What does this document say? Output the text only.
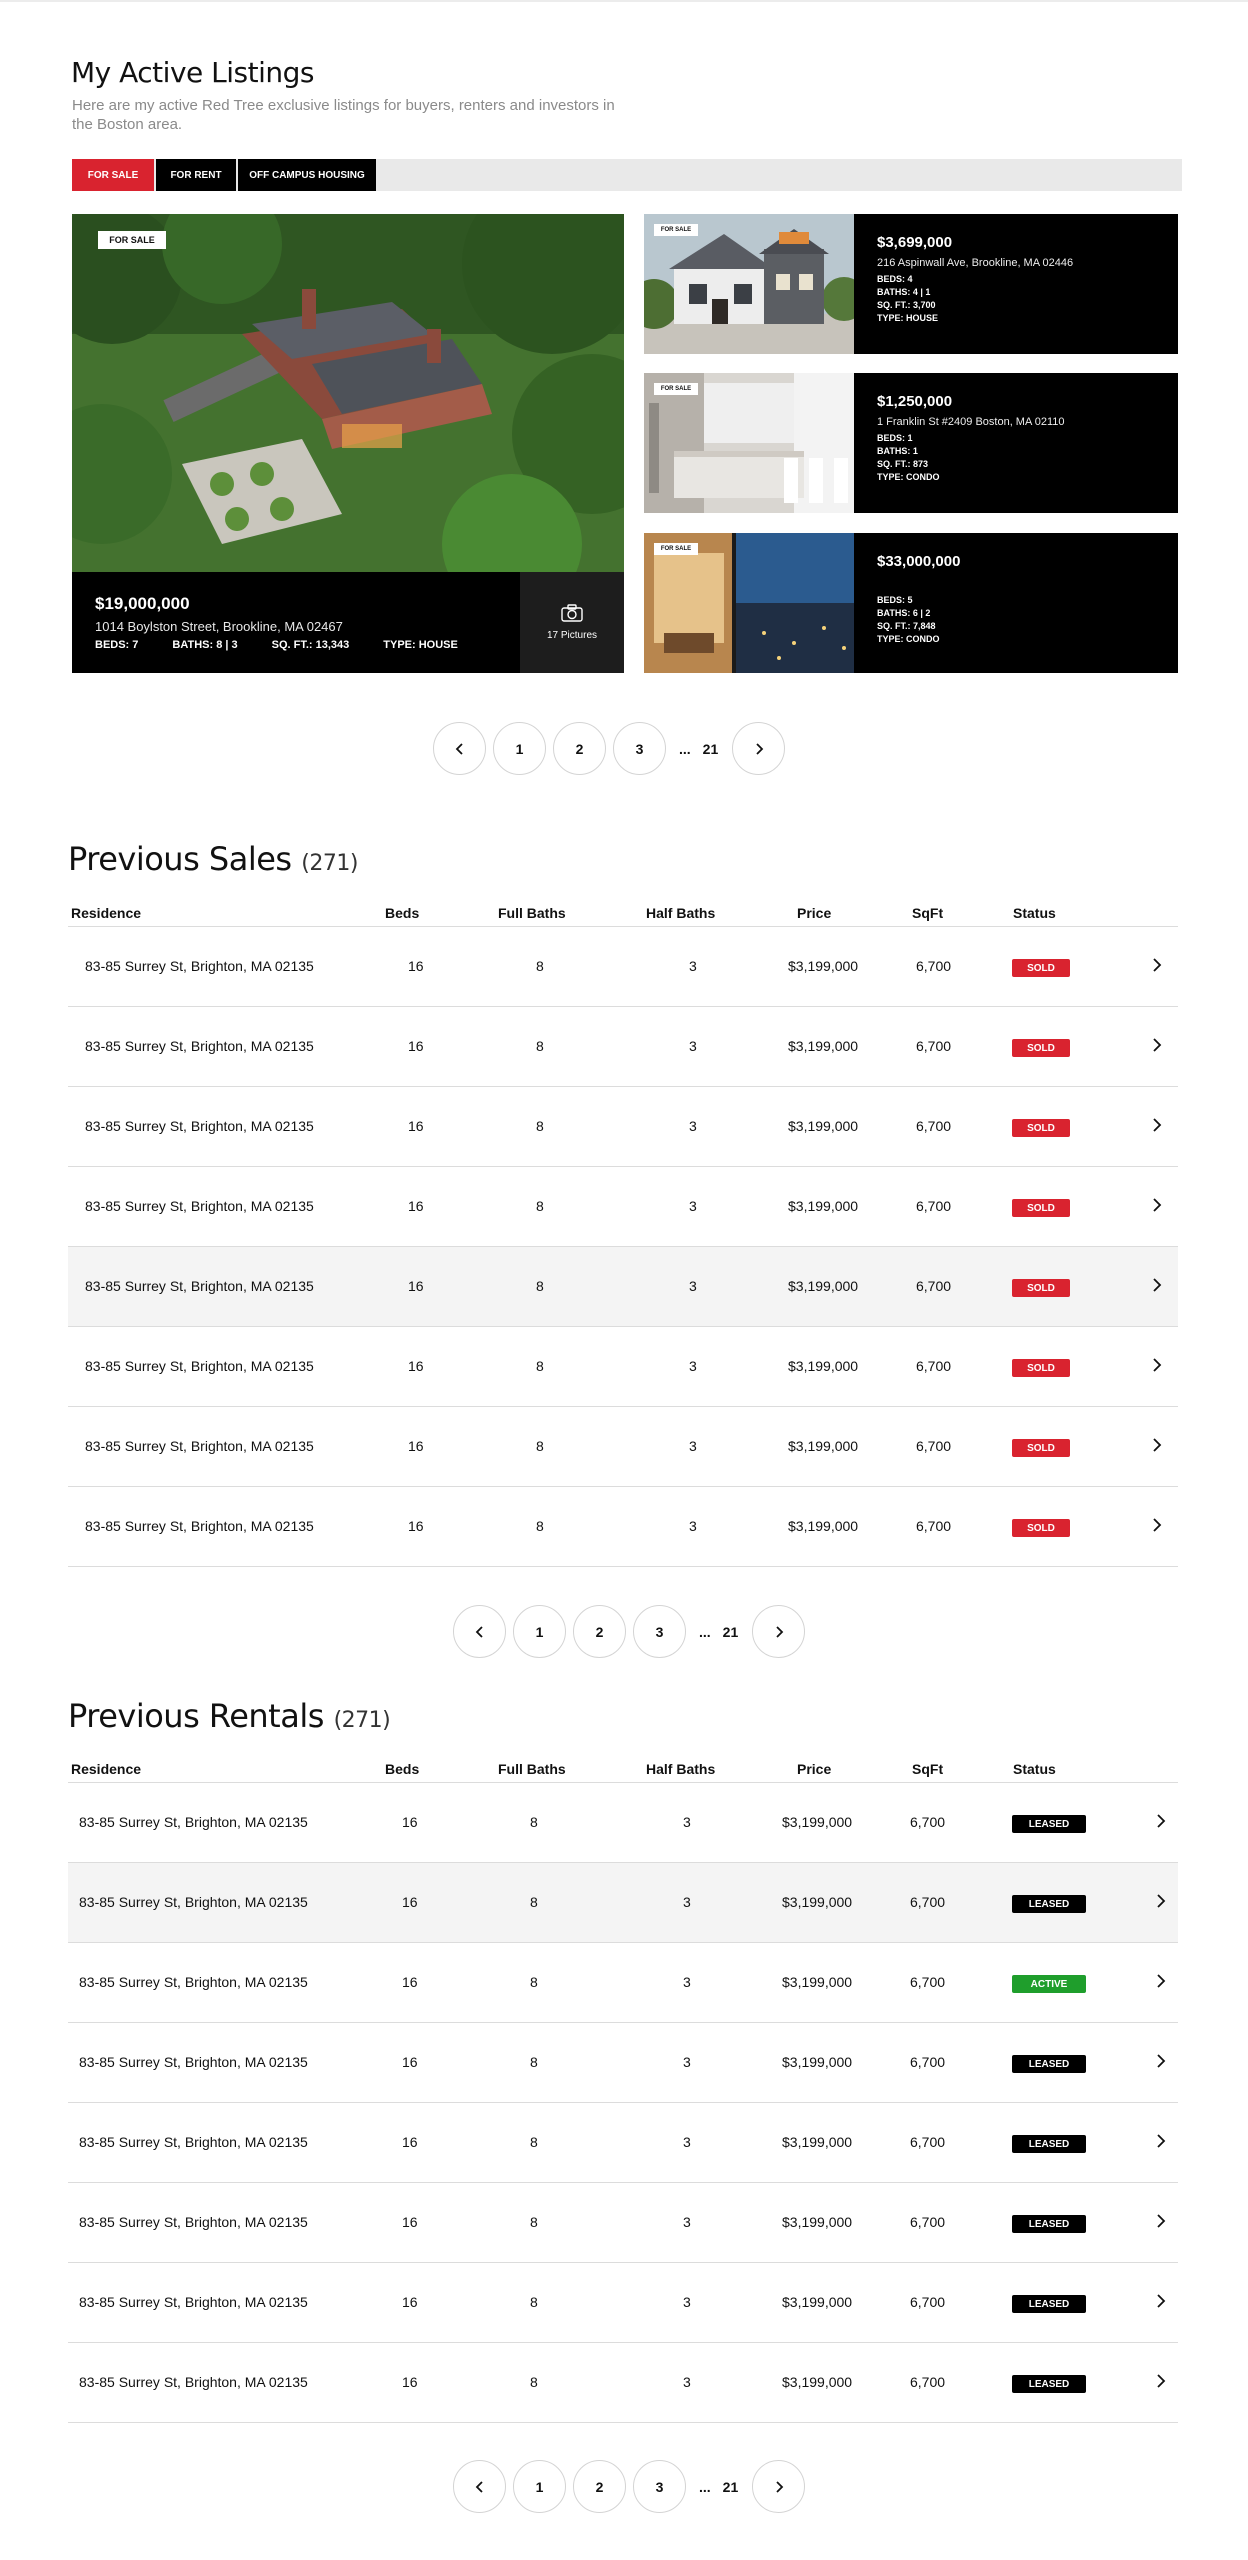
My Active Listings

Here are my active Red Tree exclusive listings for buyers, renters and investors in the Boston area.

FOR SALE	FOR RENT	OFF CAMPUS HOUSING
FOR SALE
$19,000,000
1014 Boylston Street, Brookline, MA 02467
BEDS: 7	BATHS: 8 | 3	SQ. FT.: 13,343	TYPE: HOUSE
17 Pictures
FOR SALE
$3,699,000
216 Aspinwall Ave, Brookline, MA 02446
BEDS: 4
BATHS: 4 | 1
SQ. FT.: 3,700
TYPE: HOUSE
FOR SALE
$1,250,000
1 Franklin St #2409 Boston, MA 02110
BEDS: 1
BATHS: 1
SQ. FT.: 873
TYPE: CONDO
FOR SALE
$33,000,000
BEDS: 5
BATHS: 6 | 2
SQ. FT.: 7,848
TYPE: CONDO
1	2	3	... 21
Previous Sales (271)
Residence	Beds	Full Baths	Half Baths	Price	SqFt	Status
83-85 Surrey St, Brighton, MA 02135	16	8	3	$3,199,000	6,700	SOLD
83-85 Surrey St, Brighton, MA 02135	16	8	3	$3,199,000	6,700	SOLD
83-85 Surrey St, Brighton, MA 02135	16	8	3	$3,199,000	6,700	SOLD
83-85 Surrey St, Brighton, MA 02135	16	8	3	$3,199,000	6,700	SOLD
83-85 Surrey St, Brighton, MA 02135	16	8	3	$3,199,000	6,700	SOLD
83-85 Surrey St, Brighton, MA 02135	16	8	3	$3,199,000	6,700	SOLD
83-85 Surrey St, Brighton, MA 02135	16	8	3	$3,199,000	6,700	SOLD
83-85 Surrey St, Brighton, MA 02135	16	8	3	$3,199,000	6,700	SOLD
1	2	3	... 21
Previous Rentals (271)
Residence	Beds	Full Baths	Half Baths	Price	SqFt	Status
83-85 Surrey St, Brighton, MA 02135	16	8	3	$3,199,000	6,700	LEASED
83-85 Surrey St, Brighton, MA 02135	16	8	3	$3,199,000	6,700	LEASED
83-85 Surrey St, Brighton, MA 02135	16	8	3	$3,199,000	6,700	ACTIVE
83-85 Surrey St, Brighton, MA 02135	16	8	3	$3,199,000	6,700	LEASED
83-85 Surrey St, Brighton, MA 02135	16	8	3	$3,199,000	6,700	LEASED
83-85 Surrey St, Brighton, MA 02135	16	8	3	$3,199,000	6,700	LEASED
83-85 Surrey St, Brighton, MA 02135	16	8	3	$3,199,000	6,700	LEASED
83-85 Surrey St, Brighton, MA 02135	16	8	3	$3,199,000	6,700	LEASED
1	2	3	... 21
